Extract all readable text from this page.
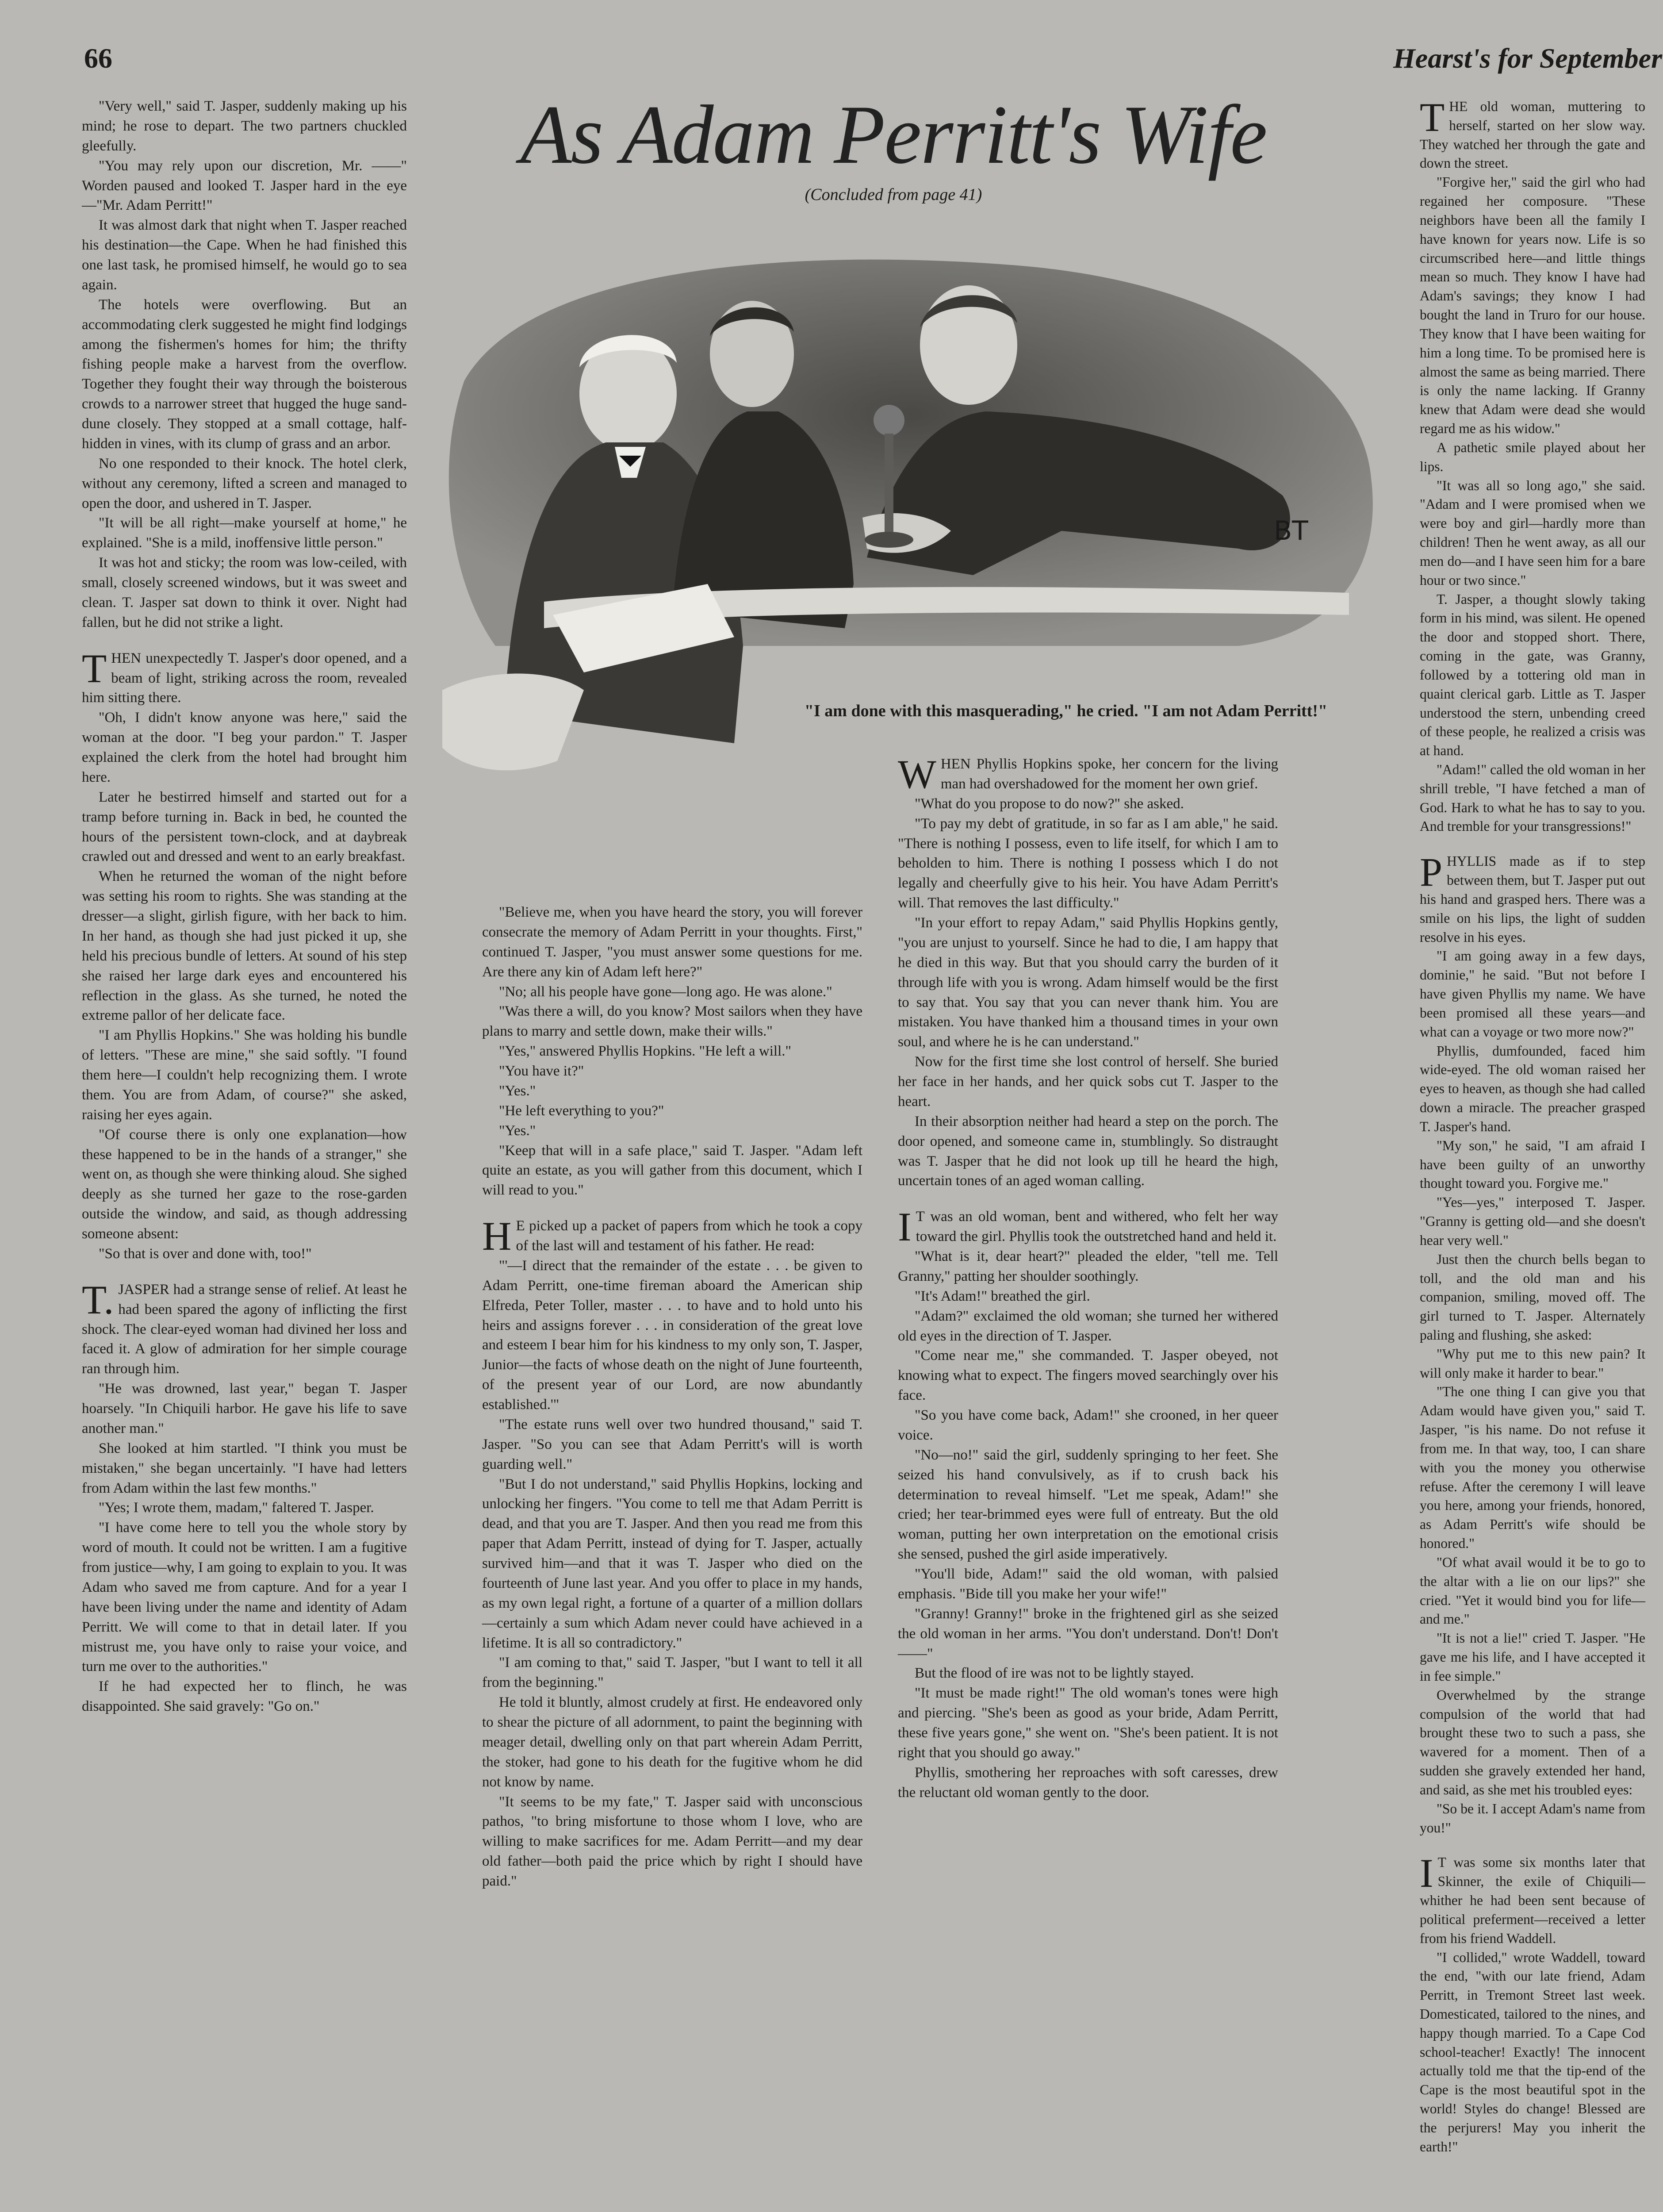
66	Hearst's for September
As Adam Perritt's Wife
(Concluded from page 41)
BT
"I am done with this masquerading," he cried. "I am not Adam Perritt!"

"Very well," said T. Jasper, suddenly making up his mind; he rose to depart. The two partners chuckled gleefully.

"You may rely upon our discretion, Mr. ——" Worden paused and looked T. Jasper hard in the eye—"Mr. Adam Perritt!"

It was almost dark that night when T. Jasper reached his destination—the Cape. When he had finished this one last task, he promised himself, he would go to sea again.

The hotels were overflowing. But an accommodating clerk suggested he might find lodgings among the fishermen's homes for him; the thrifty fishing people make a harvest from the overflow. Together they fought their way through the boisterous crowds to a narrower street that hugged the huge sand-dune closely. They stopped at a small cottage, half-hidden in vines, with its clump of grass and an arbor.

No one responded to their knock. The hotel clerk, without any ceremony, lifted a screen and managed to open the door, and ushered in T. Jasper.

"It will be all right—make yourself at home," he explained. "She is a mild, inoffensive little person."

It was hot and sticky; the room was low-ceiled, with small, closely screened windows, but it was sweet and clean. T. Jasper sat down to think it over. Night had fallen, but he did not strike a light.

THEN unexpectedly T. Jasper's door opened, and a beam of light, striking across the room, revealed him sitting there.

"Oh, I didn't know anyone was here," said the woman at the door. "I beg your pardon." T. Jasper explained the clerk from the hotel had brought him here.

Later he bestirred himself and started out for a tramp before turning in. Back in bed, he counted the hours of the persistent town-clock, and at daybreak crawled out and dressed and went to an early breakfast.

When he returned the woman of the night before was setting his room to rights. She was standing at the dresser—a slight, girlish figure, with her back to him. In her hand, as though she had just picked it up, she held his precious bundle of letters. At sound of his step she raised her large dark eyes and encountered his reflection in the glass. As she turned, he noted the extreme pallor of her delicate face.

"I am Phyllis Hopkins." She was holding his bundle of letters. "These are mine," she said softly. "I found them here—I couldn't help recognizing them. I wrote them. You are from Adam, of course?" she asked, raising her eyes again.

"Of course there is only one explanation—how these happened to be in the hands of a stranger," she went on, as though she were thinking aloud. She sighed deeply as she turned her gaze to the rose-garden outside the window, and said, as though addressing someone absent:

"So that is over and done with, too!"

T.JASPER had a strange sense of relief. At least he had been spared the agony of inflicting the first shock. The clear-eyed woman had divined her loss and faced it. A glow of admiration for her simple courage ran through him.

"He was drowned, last year," began T. Jasper hoarsely. "In Chiquili harbor. He gave his life to save another man."

She looked at him startled. "I think you must be mistaken," she began uncertainly. "I have had letters from Adam within the last few months."

"Yes; I wrote them, madam," faltered T. Jasper.

"I have come here to tell you the whole story by word of mouth. It could not be written. I am a fugitive from justice—why, I am going to explain to you. It was Adam who saved me from capture. And for a year I have been living under the name and identity of Adam Perritt. We will come to that in detail later. If you mistrust me, you have only to raise your voice, and turn me over to the authorities."

If he had expected her to flinch, he was disappointed. She said gravely: "Go on."

"Believe me, when you have heard the story, you will forever consecrate the memory of Adam Perritt in your thoughts. First," continued T. Jasper, "you must answer some questions for me. Are there any kin of Adam left here?"

"No; all his people have gone—long ago. He was alone."

"Was there a will, do you know? Most sailors when they have plans to marry and settle down, make their wills."

"Yes," answered Phyllis Hopkins. "He left a will."

"You have it?"

"Yes."

"He left everything to you?"

"Yes."

"Keep that will in a safe place," said T. Jasper. "Adam left quite an estate, as you will gather from this document, which I will read to you."

HE picked up a packet of papers from which he took a copy of the last will and testament of his father. He read:

"'—I direct that the remainder of the estate . . . be given to Adam Perritt, one-time fireman aboard the American ship Elfreda, Peter Toller, master . . . to have and to hold unto his heirs and assigns forever . . . in consideration of the great love and esteem I bear him for his kindness to my only son, T. Jasper, Junior—the facts of whose death on the night of June fourteenth, of the present year of our Lord, are now abundantly established.'"

"The estate runs well over two hundred thousand," said T. Jasper. "So you can see that Adam Perritt's will is worth guarding well."

"But I do not understand," said Phyllis Hopkins, locking and unlocking her fingers. "You come to tell me that Adam Perritt is dead, and that you are T. Jasper. And then you read me from this paper that Adam Perritt, instead of dying for T. Jasper, actually survived him—and that it was T. Jasper who died on the fourteenth of June last year. And you offer to place in my hands, as my own legal right, a fortune of a quarter of a million dollars—certainly a sum which Adam never could have achieved in a lifetime. It is all so contradictory."

"I am coming to that," said T. Jasper, "but I want to tell it all from the beginning."

He told it bluntly, almost crudely at first. He endeavored only to shear the picture of all adornment, to paint the beginning with meager detail, dwelling only on that part wherein Adam Perritt, the stoker, had gone to his death for the fugitive whom he did not know by name.

"It seems to be my fate," T. Jasper said with unconscious pathos, "to bring misfortune to those whom I love, who are willing to make sacrifices for me. Adam Perritt—and my dear old father—both paid the price which by right I should have paid."

WHEN Phyllis Hopkins spoke, her concern for the living man had overshadowed for the moment her own grief.

"What do you propose to do now?" she asked.

"To pay my debt of gratitude, in so far as I am able," he said. "There is nothing I possess, even to life itself, for which I am to beholden to him. There is nothing I possess which I do not legally and cheerfully give to his heir. You have Adam Perritt's will. That removes the last difficulty."

"In your effort to repay Adam," said Phyllis Hopkins gently, "you are unjust to yourself. Since he had to die, I am happy that he died in this way. But that you should carry the burden of it through life with you is wrong. Adam himself would be the first to say that. You say that you can never thank him. You are mistaken. You have thanked him a thousand times in your own soul, and where he is he can understand."

Now for the first time she lost control of herself. She buried her face in her hands, and her quick sobs cut T. Jasper to the heart.

In their absorption neither had heard a step on the porch. The door opened, and someone came in, stumblingly. So distraught was T. Jasper that he did not look up till he heard the high, uncertain tones of an aged woman calling.

IT was an old woman, bent and withered, who felt her way toward the girl. Phyllis took the outstretched hand and held it.

"What is it, dear heart?" pleaded the elder, "tell me. Tell Granny," patting her shoulder soothingly.

"It's Adam!" breathed the girl.

"Adam?" exclaimed the old woman; she turned her withered old eyes in the direction of T. Jasper.

"Come near me," she commanded. T. Jasper obeyed, not knowing what to expect. The fingers moved searchingly over his face.

"So you have come back, Adam!" she crooned, in her queer voice.

"No—no!" said the girl, suddenly springing to her feet. She seized his hand convulsively, as if to crush back his determination to reveal himself. "Let me speak, Adam!" she cried; her tear-brimmed eyes were full of entreaty. But the old woman, putting her own interpretation on the emotional crisis she sensed, pushed the girl aside imperatively.

"You'll bide, Adam!" said the old woman, with palsied emphasis. "Bide till you make her your wife!"

"Granny! Granny!" broke in the frightened girl as she seized the old woman in her arms. "You don't understand. Don't! Don't——"

But the flood of ire was not to be lightly stayed.

"It must be made right!" The old woman's tones were high and piercing. "She's been as good as your bride, Adam Perritt, these five years gone," she went on. "She's been patient. It is not right that you should go away."

Phyllis, smothering her reproaches with soft caresses, drew the reluctant old woman gently to the door.

THE old woman, muttering to herself, started on her slow way. They watched her through the gate and down the street.

"Forgive her," said the girl who had regained her composure. "These neighbors have been all the family I have known for years now. Life is so circumscribed here—and little things mean so much. They know I have had Adam's savings; they know I had bought the land in Truro for our house. They know that I have been waiting for him a long time. To be promised here is almost the same as being married. There is only the name lacking. If Granny knew that Adam were dead she would regard me as his widow."

A pathetic smile played about her lips.

"It was all so long ago," she said. "Adam and I were promised when we were boy and girl—hardly more than children! Then he went away, as all our men do—and I have seen him for a bare hour or two since."

T. Jasper, a thought slowly taking form in his mind, was silent. He opened the door and stopped short. There, coming in the gate, was Granny, followed by a tottering old man in quaint clerical garb. Little as T. Jasper understood the stern, unbending creed of these people, he realized a crisis was at hand.

"Adam!" called the old woman in her shrill treble, "I have fetched a man of God. Hark to what he has to say to you. And tremble for your transgressions!"

PHYLLIS made as if to step between them, but T. Jasper put out his hand and grasped hers. There was a smile on his lips, the light of sudden resolve in his eyes.

"I am going away in a few days, dominie," he said. "But not before I have given Phyllis my name. We have been promised all these years—and what can a voyage or two more now?"

Phyllis, dumfounded, faced him wide-eyed. The old woman raised her eyes to heaven, as though she had called down a miracle. The preacher grasped T. Jasper's hand.

"My son," he said, "I am afraid I have been guilty of an unworthy thought toward you. Forgive me."

"Yes—yes," interposed T. Jasper. "Granny is getting old—and she doesn't hear very well."

Just then the church bells began to toll, and the old man and his companion, smiling, moved off. The girl turned to T. Jasper. Alternately paling and flushing, she asked:

"Why put me to this new pain? It will only make it harder to bear."

"The one thing I can give you that Adam would have given you," said T. Jasper, "is his name. Do not refuse it from me. In that way, too, I can share with you the money you otherwise refuse. After the ceremony I will leave you here, among your friends, honored, as Adam Perritt's wife should be honored."

"Of what avail would it be to go to the altar with a lie on our lips?" she cried. "Yet it would bind you for life—and me."

"It is not a lie!" cried T. Jasper. "He gave me his life, and I have accepted it in fee simple."

Overwhelmed by the strange compulsion of the world that had brought these two to such a pass, she wavered for a moment. Then of a sudden she gravely extended her hand, and said, as she met his troubled eyes:

"So be it. I accept Adam's name from you!"

IT was some six months later that Skinner, the exile of Chiquili—whither he had been sent because of political preferment—received a letter from his friend Waddell.

"I collided," wrote Waddell, toward the end, "with our late friend, Adam Perritt, in Tremont Street last week. Domesticated, tailored to the nines, and happy though married. To a Cape Cod school-teacher! Exactly! The innocent actually told me that the tip-end of the Cape is the most beautiful spot in the world! Styles do change! Blessed are the perjurers! May you inherit the earth!"
